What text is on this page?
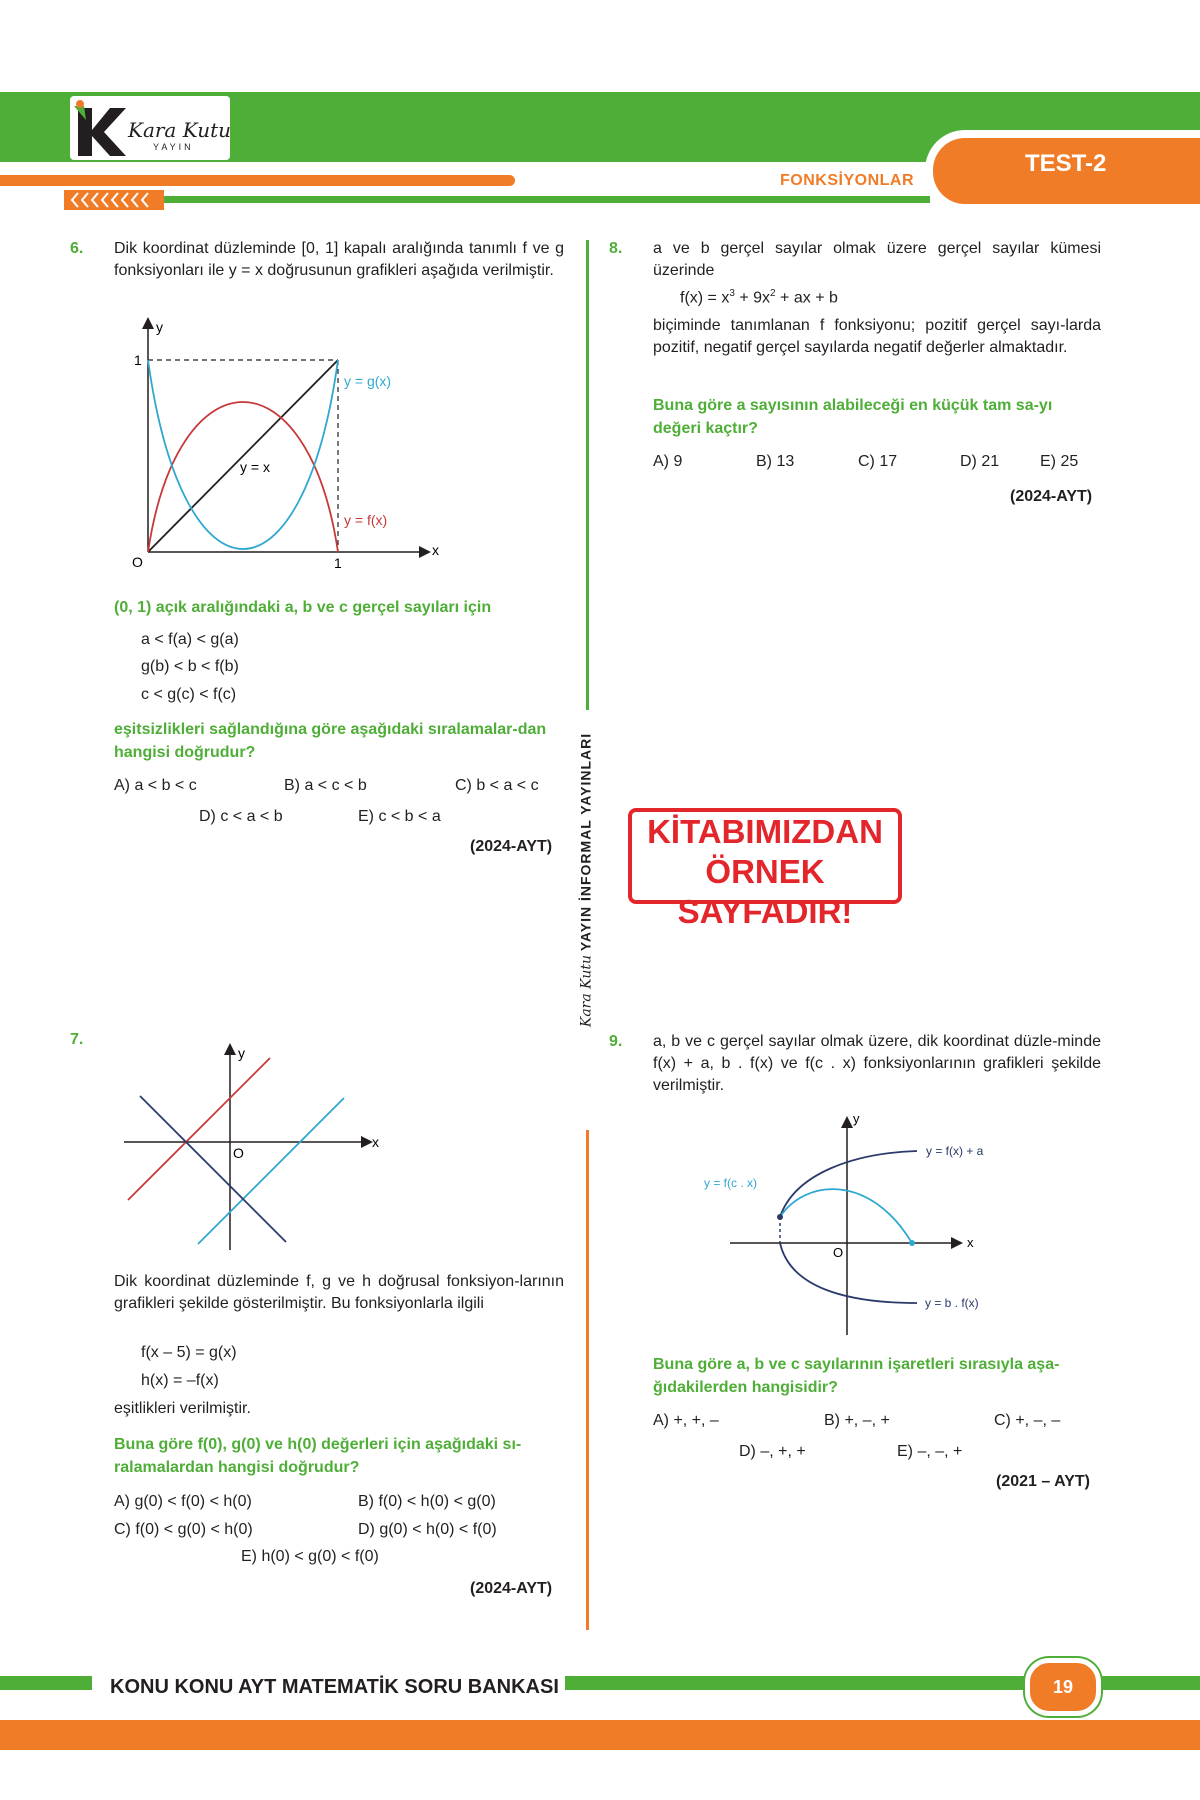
Kara Kutu
YAYIN
FONKSİYONLAR
TEST-2
Kara Kutu YAYIN İNFORMAL YAYINLARI
6. Dik koordinat düzleminde [0, 1] kapalı aralığında tanımlı f ve g fonksiyonları ile y = x doğrusunun grafikleri aşağıda verilmiştir.
y
x
O	1
1
y = g(x)
y = f(x)
y = x
(0, 1) açık aralığındaki a, b ve c gerçel sayıları için
a < f(a) < g(a)
g(b) < b < f(b)
c < g(c) < f(c)
eşitsizlikleri sağlandığına göre aşağıdaki sıralamalar-dan hangisi doğrudur?
A) a < b < c	B) a < c < b	C) b < a < c
D) c < a < b	E) c < b < a
(2024-AYT)
7.
y
x
O
Dik koordinat düzleminde f, g ve h doğrusal fonksiyon-larının grafikleri şekilde gösterilmiştir. Bu fonksiyonlarla ilgili
f(x – 5) = g(x)
h(x) = –f(x)
eşitlikleri verilmiştir.
Buna göre f(0), g(0) ve h(0) değerleri için aşağıdaki sı-ralamalardan hangisi doğrudur?
A) g(0) < f(0) < h(0)	B) f(0) < h(0) < g(0)
C) f(0) < g(0) < h(0)	D) g(0) < h(0) < f(0)
E) h(0) < g(0) < f(0)
(2024-AYT)
8. a ve b gerçel sayılar olmak üzere gerçel sayılar kümesi üzerinde
$f(x) = x^3 + 9x^2$ + ax + b
biçiminde tanımlanan f fonksiyonu; pozitif gerçel sayı-larda pozitif, negatif gerçel sayılarda negatif değerler almaktadır.
Buna göre a sayısının alabileceği en küçük tam sa-yı değeri kaçtır?
A) 9	B) 13	C) 17	D) 21	E) 25
(2024-AYT)
KİTABIMIZDAN
ÖRNEK SAYFADIR!
9. a, b ve c gerçel sayılar olmak üzere, dik koordinat düzle-minde f(x) + a, b . f(x) ve f(c . x) fonksiyonlarının grafikleri şekilde verilmiştir.
y
x
O
y = f(x) + a
y = f(c . x)
y = b . f(x)
Buna göre a, b ve c sayılarının işaretleri sırasıyla aşa-ğıdakilerden hangisidir?
A) +, +, –	B) +, –, +	C) +, –, –
D) –, +, +	E) –, –, +
(2021 – AYT)
KONU KONU AYT MATEMATİK SORU BANKASI	19
